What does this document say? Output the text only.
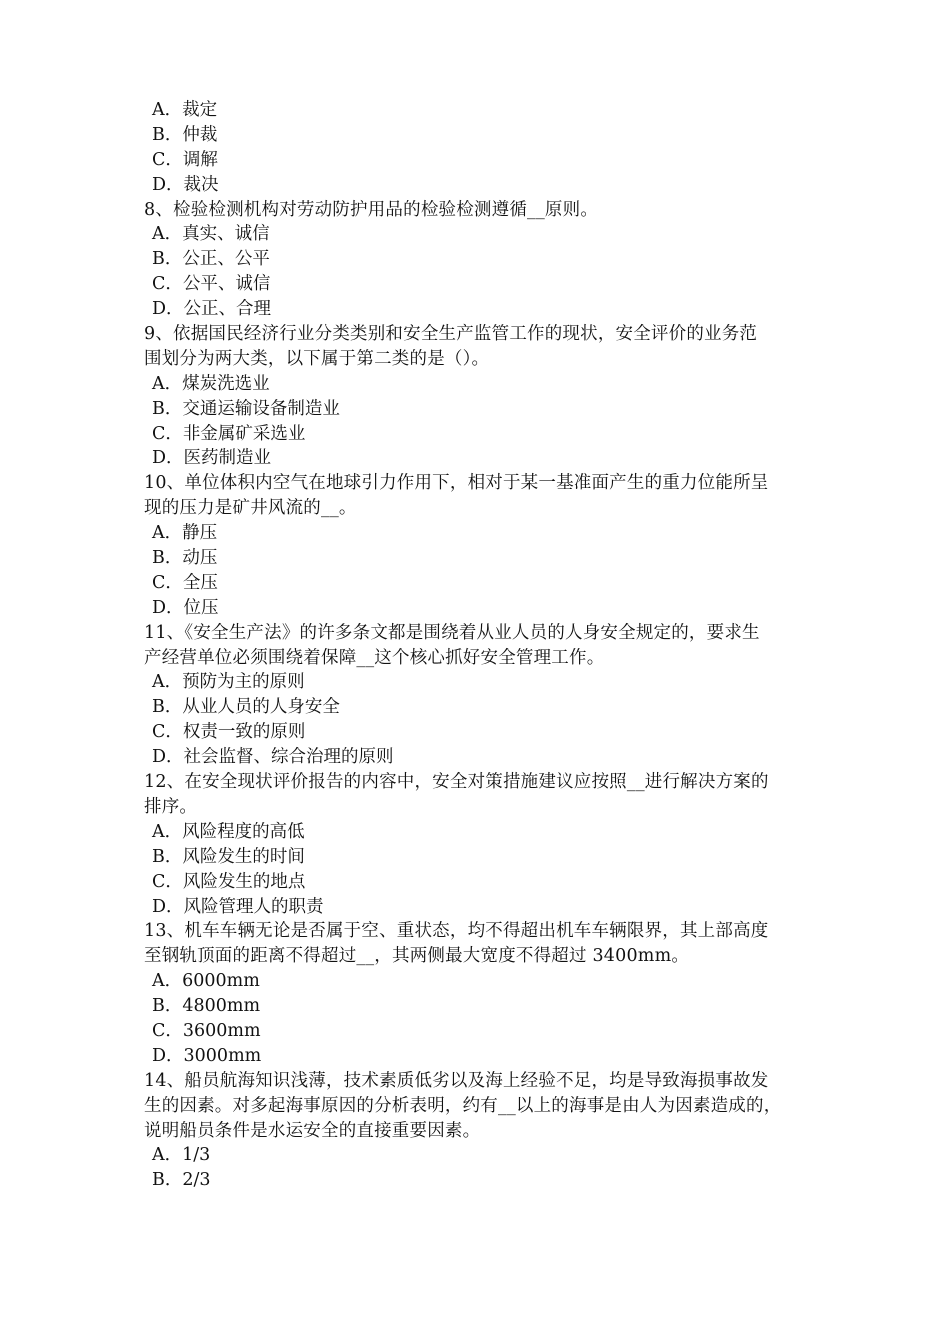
A．裁定
B．仲裁
C．调解
D．裁决
8、检验检测机构对劳动防护用品的检验检测遵循__原则。
A．真实、诚信
B．公正、公平
C．公平、诚信
D．公正、合理
9、依据国民经济行业分类类别和安全生产监管工作的现状，安全评价的业务范
围划分为两大类，以下属于第二类的是（）。
A．煤炭洗选业
B．交通运输设备制造业
C．非金属矿采选业
D．医药制造业
10、单位体积内空气在地球引力作用下，相对于某一基准面产生的重力位能所呈
现的压力是矿井风流的__。
A．静压
B．动压
C．全压
D．位压
11、《安全生产法》的许多条文都是围绕着从业人员的人身安全规定的，要求生
产经营单位必须围绕着保障__这个核心抓好安全管理工作。
A．预防为主的原则
B．从业人员的人身安全
C．权责一致的原则
D．社会监督、综合治理的原则
12、在安全现状评价报告的内容中，安全对策措施建议应按照__进行解决方案的
排序。
A．风险程度的高低
B．风险发生的时间
C．风险发生的地点
D．风险管理人的职责
13、机车车辆无论是否属于空、重状态，均不得超出机车车辆限界，其上部高度
至钢轨顶面的距离不得超过__，其两侧最大宽度不得超过 3400mm。
A．6000mm
B．4800mm
C．3600mm
D．3000mm
14、船员航海知识浅薄，技术素质低劣以及海上经验不足，均是导致海损事故发
生的因素。对多起海事原因的分析表明，约有__以上的海事是由人为因素造成的，
说明船员条件是水运安全的直接重要因素。
A．1/3
B．2/3
